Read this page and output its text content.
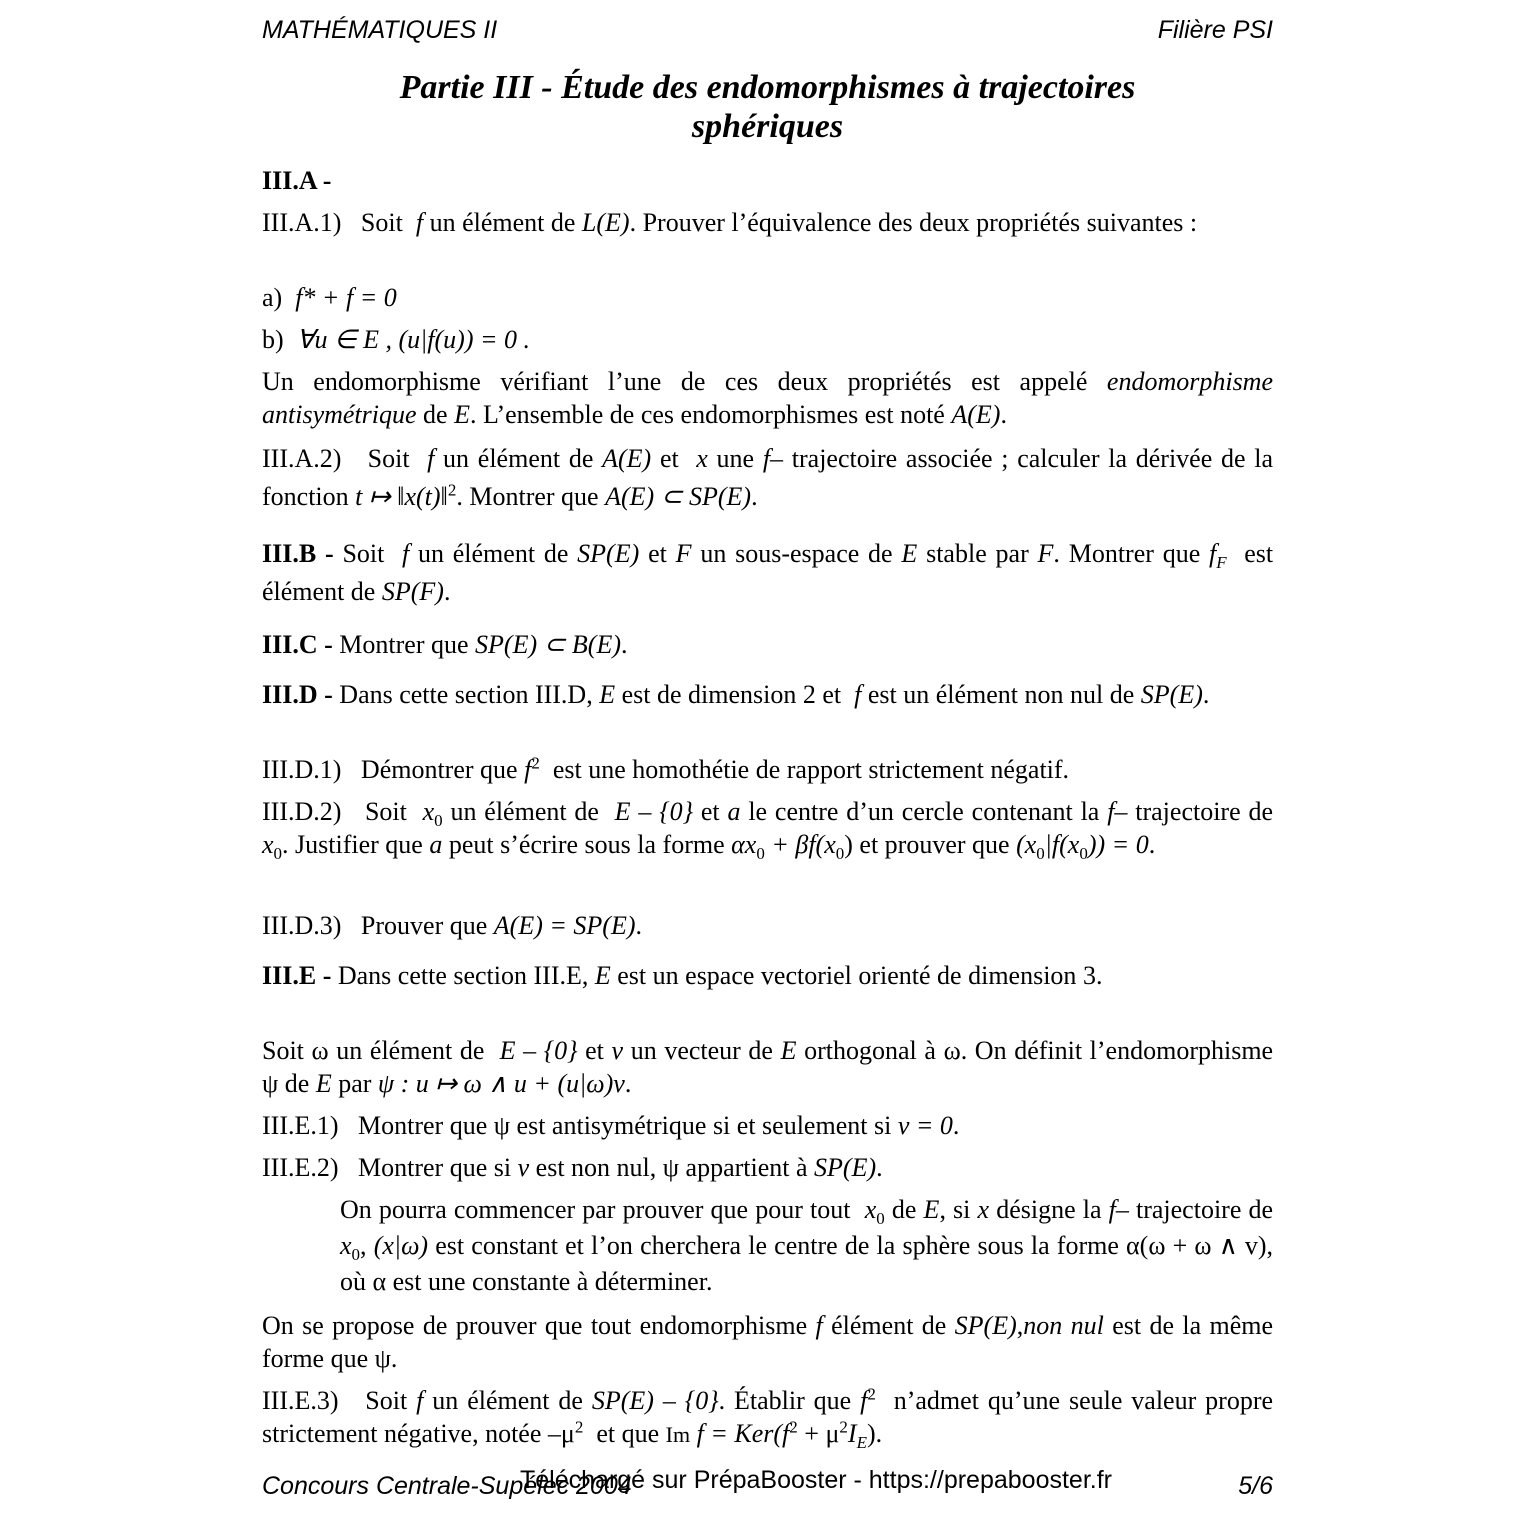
MATHÉMATIQUES II	Filière PSI
Partie III - Étude des endomorphismes à trajectoires
sphériques
III.A -
III.A.1) Soit f un élément de L(E). Prouver l’équivalence des deux propriétés suivantes :
a) f* + f = 0
b) ∀u ∈ E , (u|f(u)) = 0 .
Un endomorphisme vérifiant l’une de ces deux propriétés est appelé endomorphisme antisymétrique de E. L’ensemble de ces endomorphismes est noté A(E).
III.A.2) Soit f un élément de A(E) et x une f– trajectoire associée ; calculer la dérivée de la fonction t ↦ ‖x(t)‖$^2$. Montrer que A(E) ⊂ SP(E).
III.B - Soit f un élément de SP(E) et F un sous-espace de E stable par F. Montrer que $f_F$ est élément de SP(F).
III.C - Montrer que SP(E) ⊂ B(E).
III.D - Dans cette section III.D, E est de dimension 2 et f est un élément non nul de SP(E).
III.D.1) Démontrer que $f^2$ est une homothétie de rapport strictement négatif.
III.D.2) Soit $x_0$ un élément de E – {0} et a le centre d’un cercle contenant la f– trajectoire de $x_0$. Justifier que a peut s’écrire sous la forme $\alpha x_0 + \beta f(x_0)$ et prouver que $(x_0|f(x_0)) = 0$.
III.D.3) Prouver que A(E) = SP(E).
III.E - Dans cette section III.E, E est un espace vectoriel orienté de dimension 3.
Soit ω un élément de E – {0} et v un vecteur de E orthogonal à ω. On définit l’endomorphisme ψ de E par ψ : u ↦ ω ∧ u + (u|ω)v.
III.E.1) Montrer que ψ est antisymétrique si et seulement si v = 0.
III.E.2) Montrer que si v est non nul, ψ appartient à SP(E).
On pourra commencer par prouver que pour tout $x_0$ de E, si x désigne la f– trajectoire de $x_0$, (x|ω) est constant et l’on cherchera le centre de la sphère sous la forme α(ω + ω ∧ v), où α est une constante à déterminer.
On se propose de prouver que tout endomorphisme f élément de SP(E),non nul est de la même forme que ψ.
III.E.3) Soit f un élément de SP(E) – {0}. Établir que $f^2$ n’admet qu’une seule valeur propre strictement négative, notée $-\mu^2$ et que Im $f = Ker(f^2 + \mu^2I_E)$.
Concours Centrale-Supélec 2004
Téléchargé sur PrépaBooster - https://prepabooster.fr	5/6
